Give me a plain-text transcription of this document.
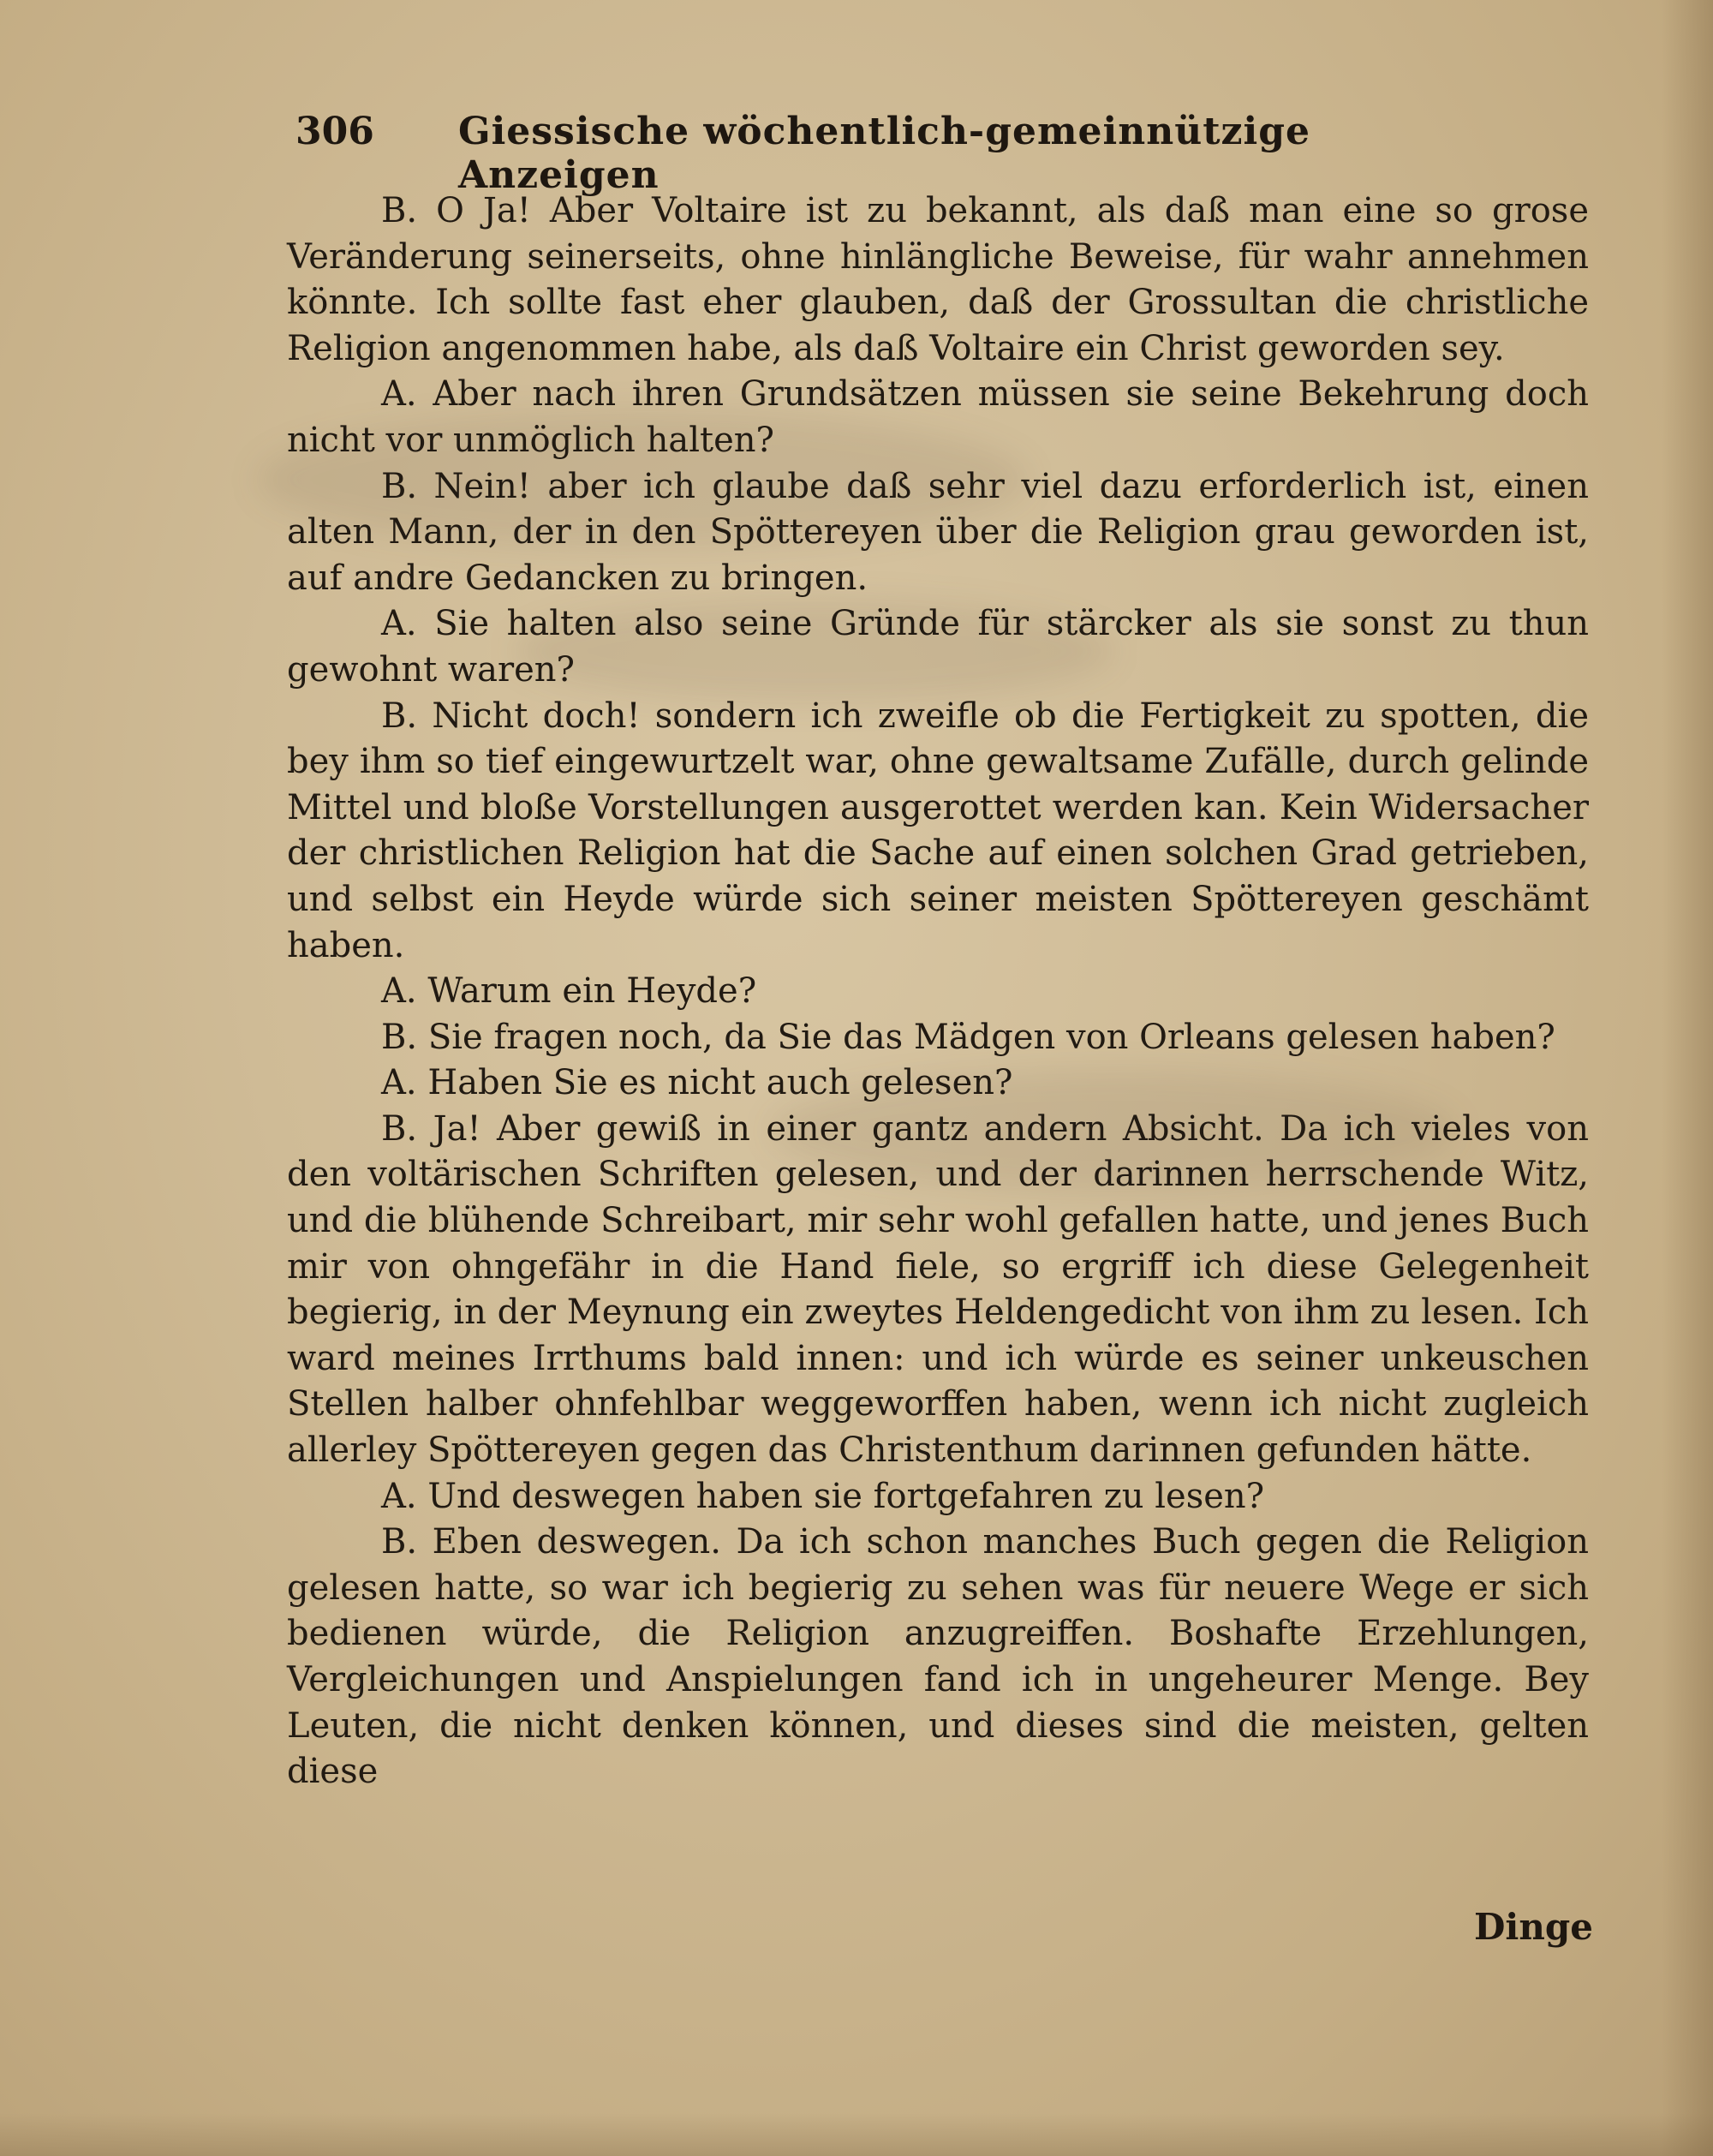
306 Giessische wöchentlich-gemeinnützige Anzeigen

B. O Ja! Aber Voltaire ist zu bekannt, als daß man eine so grose Veränderung seinerseits, ohne hinlängliche Beweise, für wahr annehmen könnte. Ich sollte fast eher glauben, daß der Grossultan die christliche Religion angenommen habe, als daß Voltaire ein Christ geworden sey.

A. Aber nach ihren Grundsätzen müssen sie seine Bekehrung doch nicht vor unmöglich halten?

B. Nein! aber ich glaube daß sehr viel dazu erforderlich ist, einen alten Mann, der in den Spöttereyen über die Religion grau geworden ist, auf andre Gedancken zu bringen.

A. Sie halten also seine Gründe für stärcker als sie sonst zu thun gewohnt waren?

B. Nicht doch! sondern ich zweifle ob die Fertigkeit zu spotten, die bey ihm so tief eingewurtzelt war, ohne gewaltsame Zufälle, durch gelinde Mittel und bloße Vorstellungen ausgerottet werden kan. Kein Widersacher der christlichen Religion hat die Sache auf einen solchen Grad getrieben, und selbst ein Heyde würde sich seiner meisten Spöttereyen geschämt haben.

A. Warum ein Heyde?

B. Sie fragen noch, da Sie das Mädgen von Orleans gelesen haben?

A. Haben Sie es nicht auch gelesen?

B. Ja! Aber gewiß in einer gantz andern Absicht. Da ich vieles von den voltärischen Schriften gelesen, und der darinnen herrschende Witz, und die blühende Schreibart, mir sehr wohl gefallen hatte, und jenes Buch mir von ohngefähr in die Hand fiele, so ergriff ich diese Gelegenheit begierig, in der Meynung ein zweytes Heldengedicht von ihm zu lesen. Ich ward meines Irrthums bald innen: und ich würde es seiner unkeuschen Stellen halber ohnfehlbar weggeworffen haben, wenn ich nicht zugleich allerley Spöttereyen gegen das Christenthum darinnen gefunden hätte.

A. Und deswegen haben sie fortgefahren zu lesen?

B. Eben deswegen. Da ich schon manches Buch gegen die Religion gelesen hatte, so war ich begierig zu sehen was für neuere Wege er sich bedienen würde, die Religion anzugreiffen. Boshafte Erzehlungen, Vergleichungen und Anspielungen fand ich in ungeheurer Menge. Bey Leuten, die nicht denken können, und dieses sind die meisten, gelten diese

Dinge
